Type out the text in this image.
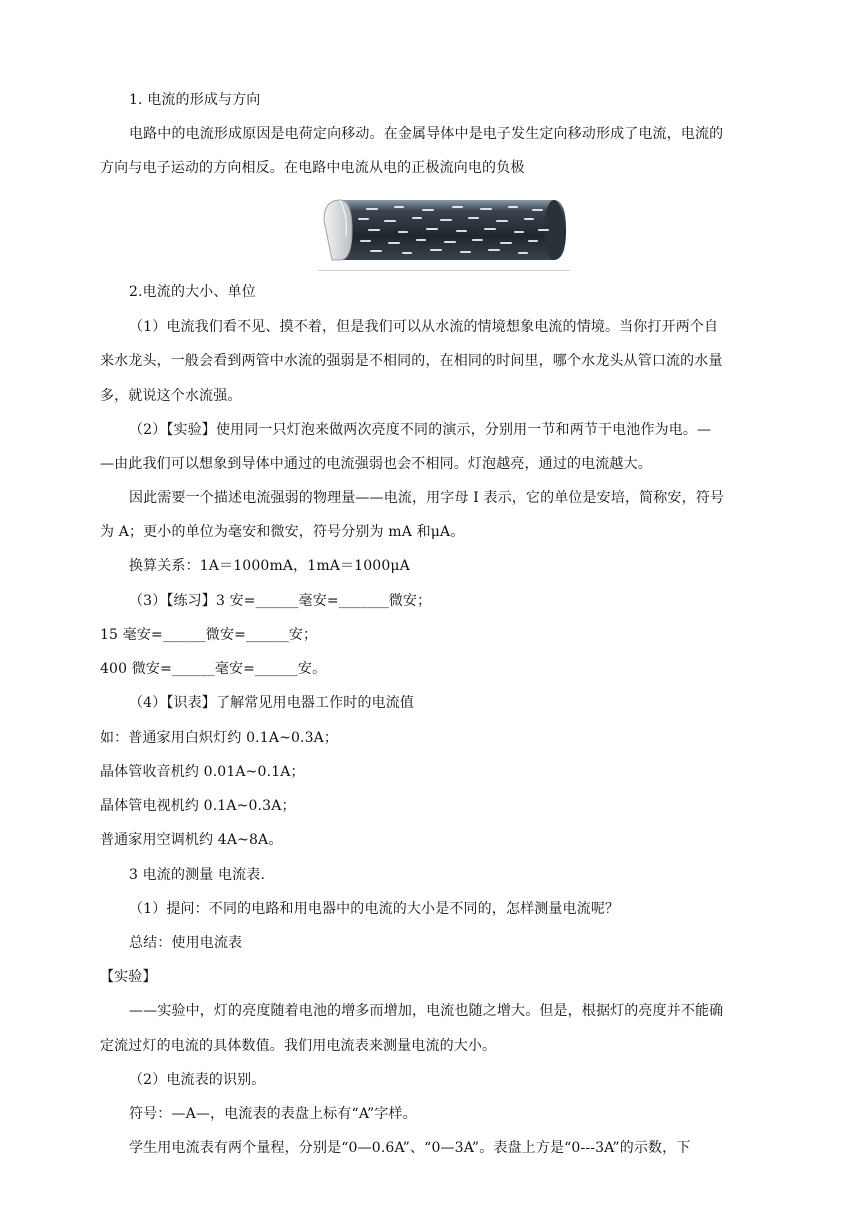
1. 电流的形成与方向
电路中的电流形成原因是电荷定向移动。在金属导体中是电子发生定向移动形成了电流，电流的
方向与电子运动的方向相反。在电路中电流从电的正极流向电的负极
2.电流的大小、单位
（1）电流我们看不见、摸不着，但是我们可以从水流的情境想象电流的情境。当你打开两个自
来水龙头，一般会看到两管中水流的强弱是不相同的，在相同的时间里，哪个水龙头从管口流的水量
多，就说这个水流强。
（2）【实验】使用同一只灯泡来做两次亮度不同的演示，分别用一节和两节干电池作为电。—
—由此我们可以想象到导体中通过的电流强弱也会不相同。灯泡越亮，通过的电流越大。
因此需要一个描述电流强弱的物理量——电流，用字母 I 表示，它的单位是安培，简称安，符号
为 A；更小的单位为毫安和微安，符号分别为 mA 和μA。
换算关系：1A＝1000mA，1mA＝1000μA
（3）【练习】3 安=______毫安=_______微安；
15 毫安=______微安=______安；
400 微安=______毫安=______安。
（4）【识表】了解常见用电器工作时的电流值
如：普通家用白炽灯约 0.1A~0.3A；
晶体管收音机约 0.01A~0.1A；
晶体管电视机约 0.1A~0.3A；
普通家用空调机约 4A~8A。
3 电流的测量 电流表.
（1）提问：不同的电路和用电器中的电流的大小是不同的，怎样测量电流呢？
总结：使用电流表
【实验】
——实验中，灯的亮度随着电池的增多而增加，电流也随之增大。但是，根据灯的亮度并不能确
定流过灯的电流的具体数值。我们用电流表来测量电流的大小。
（2）电流表的识别。
符号：—A—，电流表的表盘上标有“A”字样。
学生用电流表有两个量程，分别是“0—0.6A”、“0—3A”。表盘上方是“0---3A”的示数，下
